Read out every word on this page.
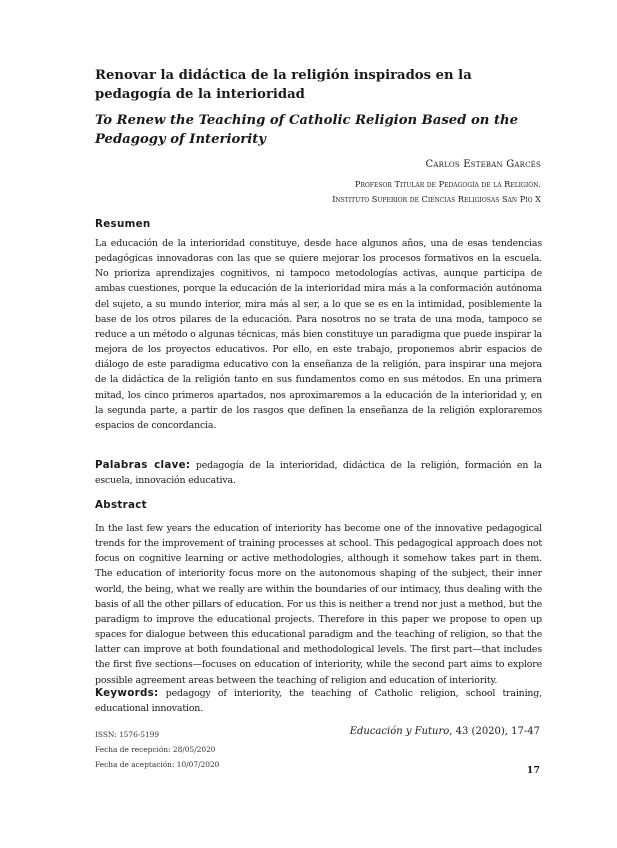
Renovar la didáctica de la religión inspirados en la pedagogía de la interioridad
To Renew the Teaching of Catholic Religion Based on the Pedagogy of Interiority
Carlos Esteban Garcés
Profesor Titular de Pedagogía de la Religión.
Instituto Superior de Ciencias Religiosas San Pío X
Resumen
La educación de la interioridad constituye, desde hace algunos años, una de esas tendencias pedagógicas innovadoras con las que se quiere mejorar los procesos formativos en la escuela. No prioriza aprendizajes cognitivos, ni tampoco metodologías activas, aunque participa de ambas cuestiones, porque la educación de la interioridad mira más a la conformación autónoma del sujeto, a su mundo interior, mira más al ser, a lo que se es en la intimidad, posiblemente la base de los otros pilares de la educación. Para nosotros no se trata de una moda, tampoco se reduce a un método o algunas técnicas, más bien constituye un paradigma que puede inspirar la mejora de los proyectos educativos. Por ello, en este trabajo, proponemos abrir espacios de diálogo de este paradigma educativo con la enseñanza de la religión, para inspirar una mejora de la didáctica de la religión tanto en sus fundamentos como en sus métodos. En una primera mitad, los cinco primeros apartados, nos aproximaremos a la educación de la interioridad y, en la segunda parte, a partir de los rasgos que definen la enseñanza de la religión exploraremos espacios de concordancia.
Palabras clave: pedagogía de la interioridad, didáctica de la religión, formación en la escuela, innovación educativa.
Abstract
In the last few years the education of interiority has become one of the innovative pedagogical trends for the improvement of training processes at school. This pedagogical approach does not focus on cognitive learning or active methodologies, although it somehow takes part in them. The education of interiority focus more on the autonomous shaping of the subject, their inner world, the being, what we really are within the boundaries of our intimacy, thus dealing with the basis of all the other pillars of education. For us this is neither a trend nor just a method, but the paradigm to improve the educational projects. Therefore in this paper we propose to open up spaces for dialogue between this educational paradigm and the teaching of religion, so that the latter can improve at both foundational and methodological levels. The first part—that includes the first five sections—focuses on education of interiority, while the second part aims to explore possible agreement areas between the teaching of religion and education of interiority.
Keywords: pedagogy of interiority, the teaching of Catholic religion, school training, educational innovation.
ISSN: 1576-5199
Fecha de recepción: 28/05/2020
Fecha de aceptación: 10/07/2020
Educación y Futuro, 43 (2020), 17-47
17
